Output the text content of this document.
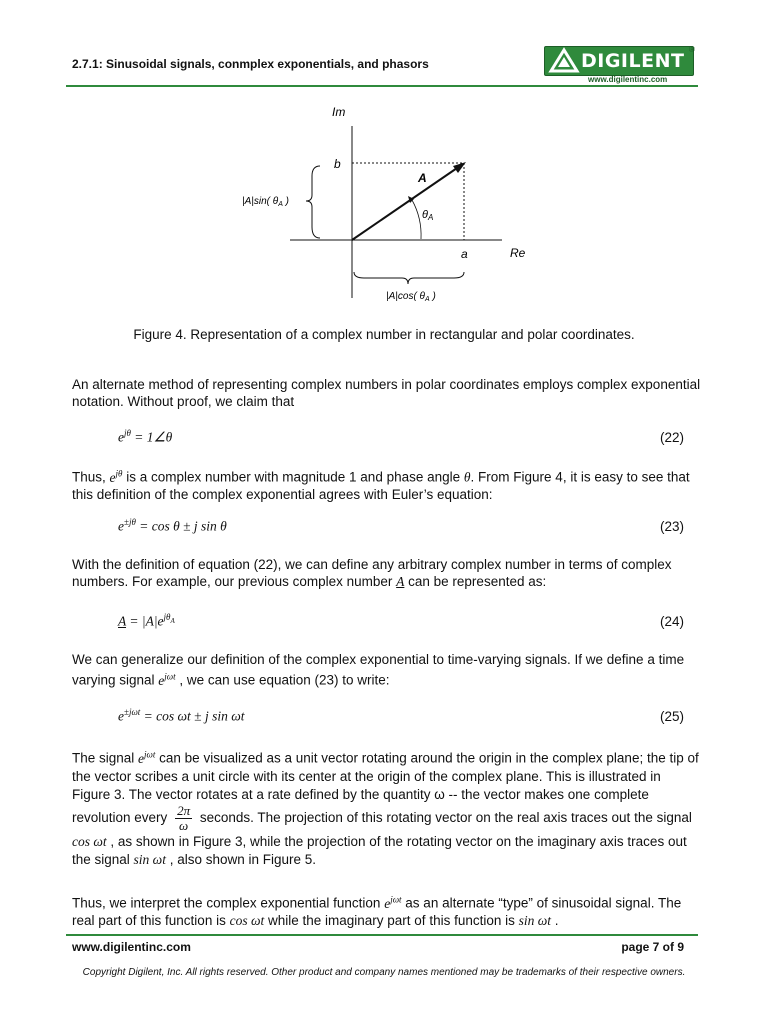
2.7.1: Sinusoidal signals, conmplex exponentials, and phasors	DIGILENT
®
www.digilentinc.com
Im
Re
b
a
A
θA
|A|sin( $\theta_A$ )
|A|cos( $\theta_A$ )
Figure 4. Representation of a complex number in rectangular and polar coordinates.
An alternate method of representing complex numbers in polar coordinates employs complex exponential notation. Without proof, we claim that
$e^{j\theta}$ = 1∠θ	(22)
Thus, $e^{j\theta}$ is a complex number with magnitude 1 and phase angle θ. From Figure 4, it is easy to see that this definition of the complex exponential agrees with Euler’s equation:
$e^{\pm j\theta} = \cos \theta \pm j$ sin θ	(23)
With the definition of equation (22), we can define any arbitrary complex number in terms of complex numbers. For example, our previous complex number A can be represented as:
$A = |A|e^{j\theta_A}$	(24)
We can generalize our definition of the complex exponential to time-varying signals. If we define a time varying signal $e^{j\omega t}$ , we can use equation (23) to write:
$e^{\pm j\omega t} = \cos \omega t \pm j$ sin ωt	(25)
The signal $e^{j\omega t}$ can be visualized as a unit vector rotating around the origin in the complex plane; the tip of the vector scribes a unit circle with its center at the origin of the complex plane. This is illustrated in Figure 3. The vector rotates at a rate defined by the quantity ω -- the vector makes one complete revolution every $\frac{2\pi}{\omega}$ seconds. The projection of this rotating vector on the real axis traces out the signal cos ωt , as shown in Figure 3, while the projection of the rotating vector on the imaginary axis traces out the signal sin ωt , also shown in Figure 5.
Thus, we interpret the complex exponential function $e^{j\omega t}$ as an alternate “type” of sinusoidal signal. The real part of this function is cos ωt while the imaginary part of this function is sin ωt .
www.digilentinc.com	page 7 of 9
Copyright Digilent, Inc. All rights reserved. Other product and company names mentioned may be trademarks of their respective owners.
